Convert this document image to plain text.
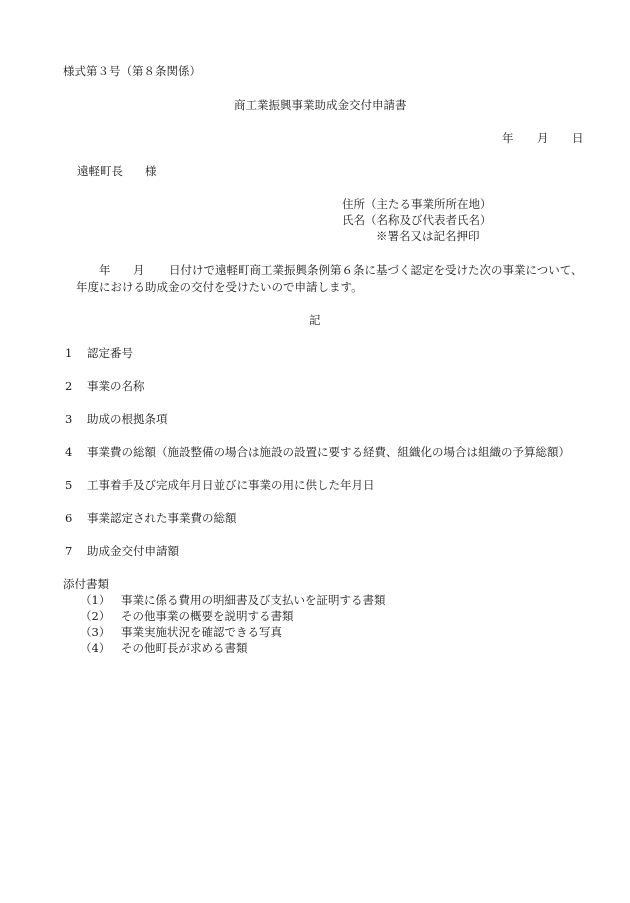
様式第３号（第８条関係）
商工業振興事業助成金交付申請書
年 月 日
遠軽町長 様
住所（主たる事業所所在地）
氏名（名称及び代表者氏名）
※署名又は記名押印
年 月 日付けで遠軽町商工業振興条例第６条に基づく認定を受けた次の事業について、
年度における助成金の交付を受けたいので申請します。
記
1 認定番号
2 事業の名称
3 助成の根拠条項
4 事業費の総額（施設整備の場合は施設の設置に要する経費、組織化の場合は組織の予算総額）
5 工事着手及び完成年月日並びに事業の用に供した年月日
6 事業認定された事業費の総額
7 助成金交付申請額
添付書類
（1） 事業に係る費用の明細書及び支払いを証明する書類
（2） その他事業の概要を説明する書類
（3） 事業実施状況を確認できる写真
（4） その他町長が求める書類
